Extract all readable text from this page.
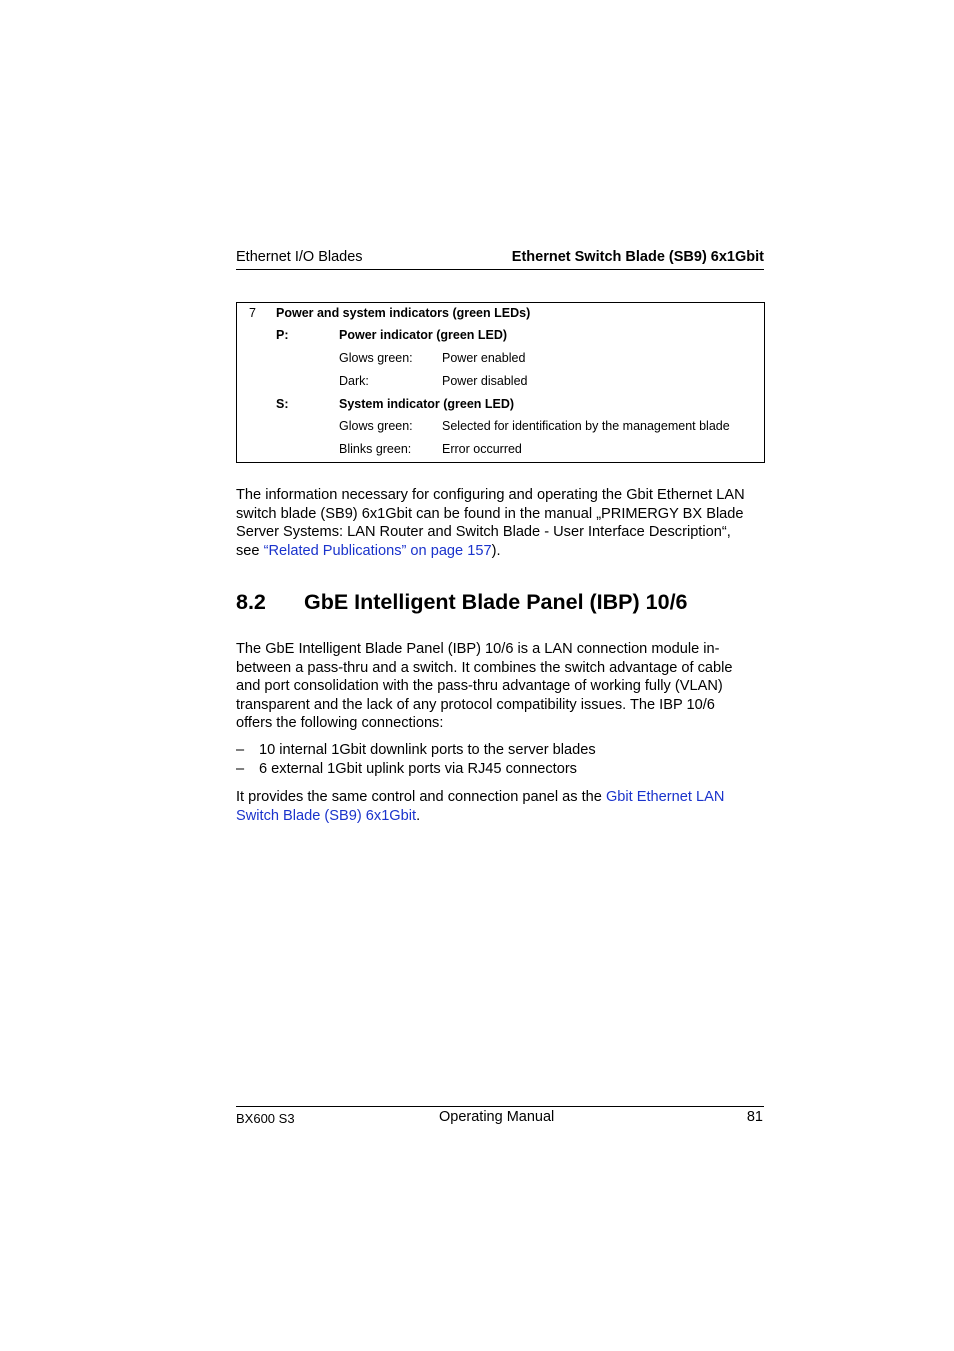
Ethernet I/O Blades	Ethernet Switch Blade (SB9) 6x1Gbit
7 Power and system indicators (green LEDs)
P:	Power indicator (green LED)
Glows green: Power enabled
Dark:	Power disabled
S:	System indicator (green LED)
Glows green: Selected for identification by the management blade
Blinks green: Error occurred

The information necessary for configuring and operating the Gbit Ethernet LAN

switch blade (SB9) 6x1Gbit can be found in the manual „PRIMERGY BX Blade

Server Systems: LAN Router and Switch Blade - User Interface Description“,

see “Related Publications” on page 157).

8.2 GbE Intelligent Blade Panel (IBP) 10/6

The GbE Intelligent Blade Panel (IBP) 10/6 is a LAN connection module in-

between a pass-thru and a switch. It combines the switch advantage of cable

and port consolidation with the pass-thru advantage of working fully (VLAN)

transparent and the lack of any protocol compatibility issues. The IBP 10/6

offers the following connections:

– 10 internal 1Gbit downlink ports to the server blades
– 6 external 1Gbit uplink ports via RJ45 connectors

It provides the same control and connection panel as the Gbit Ethernet LAN

Switch Blade (SB9) 6x1Gbit.

BX600 S3	Operating Manual	81
